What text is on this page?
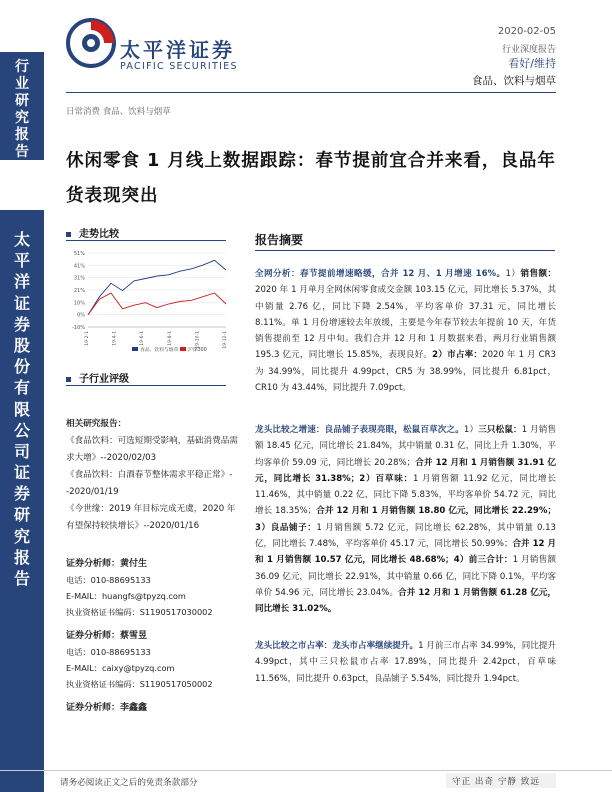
行
业
研
究
报
告
太
平
洋
证
券
股
份
有
限
公
司
证
券
研
究
报
告
太平洋证券
PACIFIC SECURITIES
2020-02-05
行业深度报告
看好/维持
食品、饮料与烟草
日常消费 食品、饮料与烟草
休闲零食 1 月线上数据跟踪：春节提前宜合并来看，良品年货表现突出
走势比较
-10%
0%
10%
21%
31%
41%
51%
19-2-1	19-4-1	19-6-1	19-8-1	19-10-1	19-12-1
食品、饮料与烟草 沪深300
子行业评级

相关研究报告：

《食品饮料：可选短期受影响，基础消费品需求大增》--2020/02/03

《食品饮料：白酒春节整体需求平稳正常》--2020/01/19

《今世缘：2019 年目标完成无虞，2020 年有望保持较快增长》--2020/01/16

证券分析师：黄付生
电话：010-88695133
E-MAIL：huangfs@tpyzq.com
执业资格证书编码：S1190517030002
证券分析师：蔡雪昱
电话：010-88695133
E-MAIL：caixy@tpyzq.com
执业资格证书编码：S1190517050002
证券分析师：李鑫鑫
报告摘要
全网分析：春节提前增速略缓，合并 12 月、1 月增速 16%。1）销售额：2020 年 1 月单月全网休闲零食成交金额 103.15 亿元，同比增长 5.37%，其中销量 2.76 亿，同比下降 2.54%，平均客单价 37.31 元，同比增长 8.11%。单 1 月份增速较去年放缓，主要是今年春节较去年提前 10 天，年货销售提前至 12 月中旬。我们合并 12 月和 1 月数据来看，两月行业销售额 195.3 亿元，同比增长 15.85%，表现良好。2）市占率：2020 年 1 月 CR3 为 34.99%，同比提升 4.99pct，CR5 为 38.99%，同比提升 6.81pct，CR10 为 43.44%，同比提升 7.09pct。
龙头比较之增速：良品铺子表现亮眼，松鼠百草次之。1）三只松鼠：1 月销售额 18.45 亿元，同比增长 21.84%，其中销量 0.31 亿，同比上升 1.30%，平均客单价 59.09 元，同比增长 20.28%；合并 12 月和 1 月销售额 31.91 亿元，同比增长 31.38%；2）百草味：1 月销售额 11.92 亿元，同比增长 11.46%，其中销量 0.22 亿，同比下降 5.83%，平均客单价 54.72 元，同比增长 18.35%；合并 12 月和 1 月销售额 18.80 亿元，同比增长 22.29%；3）良品铺子：1 月销售额 5.72 亿元，同比增长 62.28%，其中销量 0.13 亿，同比增长 7.48%，平均客单价 45.17 元，同比增长 50.99%；合并 12 月和 1 月销售额 10.57 亿元，同比增长 48.68%；4）前三合计：1 月销售额 36.09 亿元，同比增长 22.91%，其中销量 0.66 亿，同比下降 0.1%，平均客单价 54.96 元，同比增长 23.04%。合并 12 月和 1 月销售额 61.28 亿元，同比增长 31.02%。
龙头比较之市占率：龙头市占率继续提升。1 月前三市占率 34.99%，同比提升 4.99pct，其中三只松鼠市占率 17.89%，同比提升 2.42pct，百草味 11.56%，同比提升 0.63pct，良品铺子 5.54%，同比提升 1.94pct。
请务必阅读正文之后的免责条款部分	守正 出奇 宁静 致远
